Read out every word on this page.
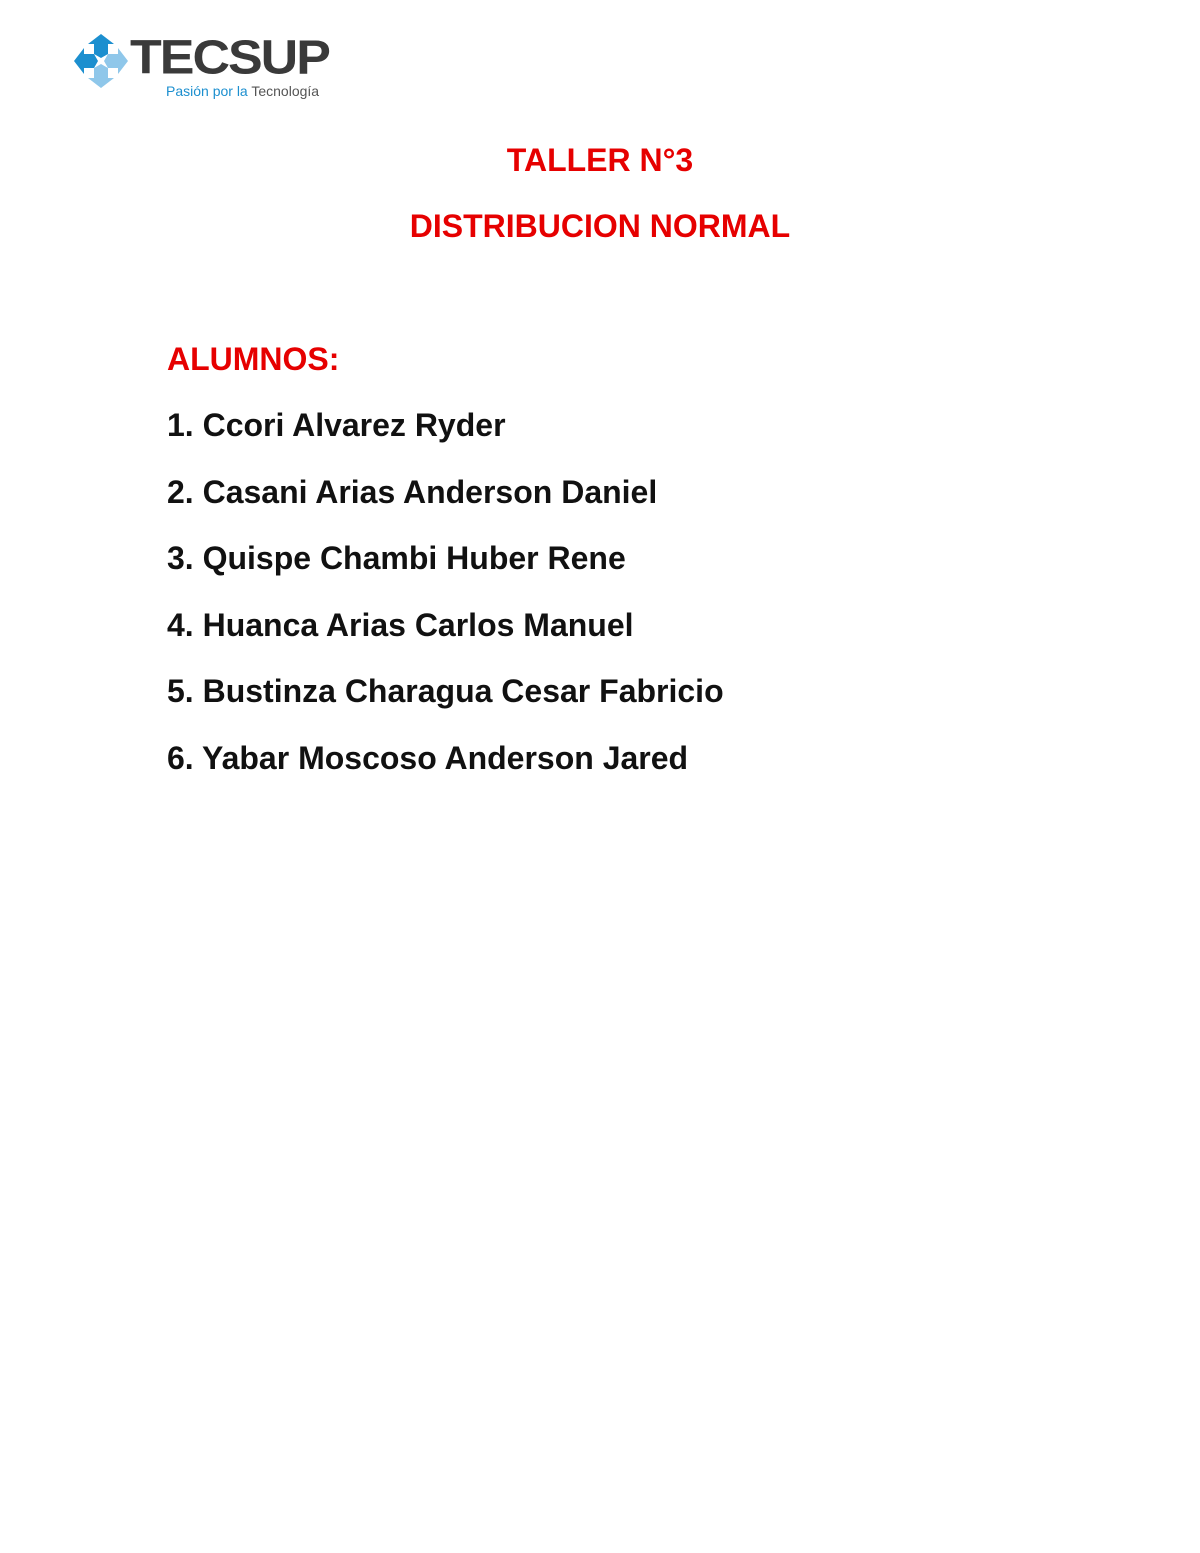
TECSUP
Pasión por la Tecnología
TALLER N°3
DISTRIBUCION NORMAL
ALUMNOS:
1. Ccori Alvarez Ryder
2. Casani Arias Anderson Daniel
3. Quispe Chambi Huber Rene
4. Huanca Arias Carlos Manuel
5. Bustinza Charagua Cesar Fabricio
6. Yabar Moscoso Anderson Jared
